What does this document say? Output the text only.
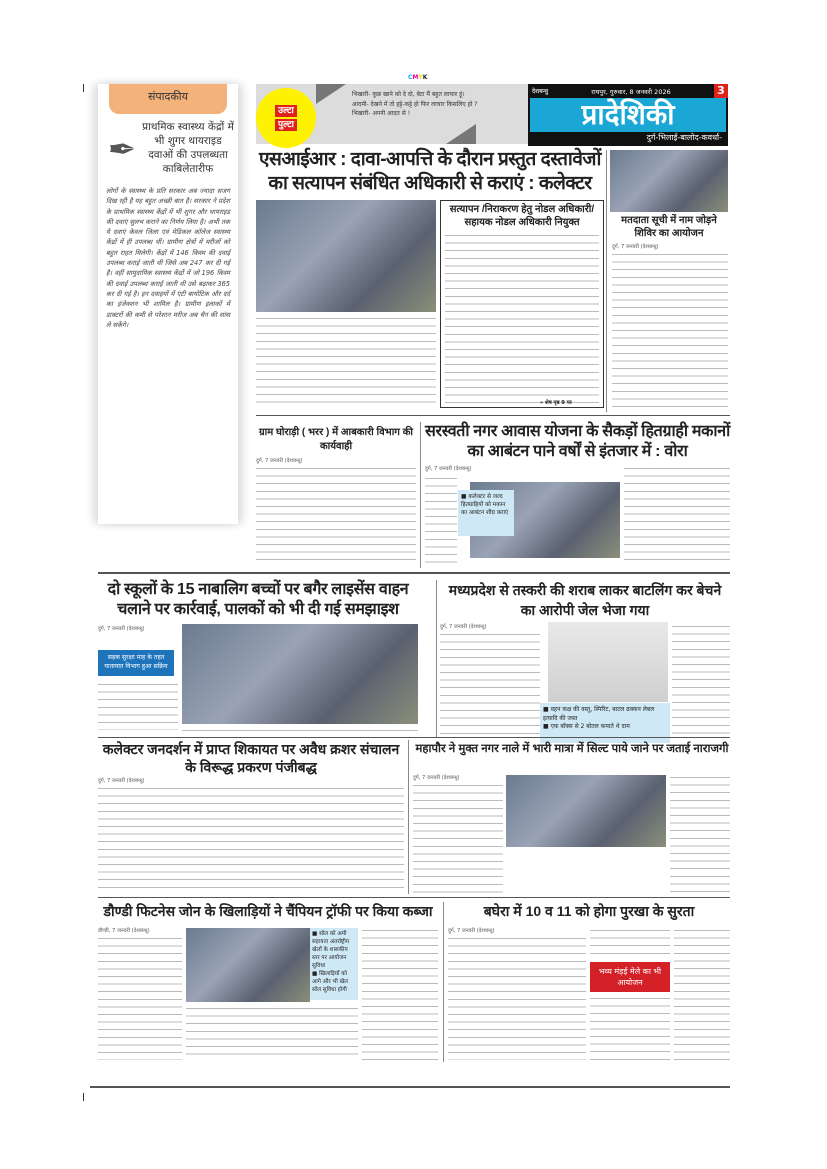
CMYK
संपादकीय
✒
प्राथमिक स्वास्थ्य केंद्रों में भी शुगर थायराइड दवाओं की उपलब्धता काबिलेतारीफ
लोगों के स्वास्थ्य के प्रति सरकार अब ज्यादा सजग दिख रही है यह बहुत अच्छी बात है। सरकार ने प्रदेश के प्राथमिक स्वास्थ्य केंद्रों में भी शुगर और थायराइड की दवाएं सुलभ कराने का निर्णय लिया है। अभी तक ये दवाएं केवल जिला एवं मेडिकल कॉलेज स्वास्थ्य केंद्रों में ही उपलब्ध थीं। ग्रामीण क्षेत्रों में मरीजों को बहुत राहत मिलेगी। केंद्रों में 146 किस्म की दवाई उपलब्ध कराई जाती थी जिसे अब 247 कर दी गई है। वहीं सामुदायिक स्वास्थ्य केंद्रों में जो 196 किस्म की दवाई उपलब्ध कराई जाती थी उसे बढ़ाकर 365 कर दी गई है। इन दवाइयों में एंटी बायोटिक और दर्द का इंजेक्शन भी शामिल है। ग्रामीण इलाकों में डाक्टरों की कमी से परेशान मरीज अब चैन की सांस ले सकेंगे।
उल्टा
पुल्टा
भिखारी- कुछ खाने को दे दो, बेटा मैं बहुत लाचार हूं।
आदमी- देखने में तो हट्टे-कट्टे हो फिर लाचार किसलिए हो ?
भिखारी- अपनी आदत से !
देशबन्धु	रायपुर, गुरुवार, 8 जनवरी 2026	3
प्रादेशिकी
दुर्ग-भिलाई-बालोद-कवर्धा-
एसआईआर : दावा-आपत्ति के दौरान प्रस्तुत दस्तावेजों का सत्यापन संबंधित अधिकारी से कराएं : कलेक्टर
सत्यापन /निराकरण हेतु नोडल अधिकारी/सहायक नोडल अधिकारी नियुक्त
» शेष पृष्ठ 9 पर
मतदाता सूची में नाम जोड़ने शिविर का आयोजन
दुर्ग, 7 जनवरी (देशबन्धु)
ग्राम घोराड़ी ( भरर ) में आबकारी विभाग की कार्यवाही
दुर्ग, 7 जनवरी (देशबन्धु)
सरस्वती नगर आवास योजना के सैकड़ों हितग्राही मकानों का आबंटन पाने वर्षों से इंतजार में : वोरा
दुर्ग, 7 जनवरी (देशबन्धु)
■ कलेक्टर से जल्द हितग्राहियों को मकान का आबंटन शीघ्र कराएं
दो स्कूलों के 15 नाबालिग बच्चों पर बगैर लाइसेंस वाहन चलाने पर कार्रवाई, पालकों को भी दी गई समझाइश
दुर्ग, 7 जनवरी (देशबन्धु)
सड़क सुरक्षा माह के तहत यातायात विभाग हुआ सक्रिय
मध्यप्रदेश से तस्करी की शराब लाकर बाटलिंग कर बेचने का आरोपी जेल भेजा गया
दुर्ग, 7 जनवरी (देशबन्धु)
■ वहन कक्ष की वस्तु, स्पिरिट, बाटल ढक्कन लेबल इत्यादि की जब्त
■ एक बॉक्स से 2 बोतल कमाते थे दाम
कलेक्टर जनदर्शन में प्राप्त शिकायत पर अवैध क्रशर संचालन के विरूद्ध प्रकरण पंजीबद्ध
दुर्ग, 7 जनवरी (देशबन्धु)
महापौर ने मुक्त नगर नाले में भारी मात्रा में सिल्ट पाये जाने पर जताई नाराजगी
दुर्ग, 7 जनवरी (देशबन्धु)
डौण्डी फिटनेस जोन के खिलाड़ियों ने चैंपियन ट्रॉफी पर किया कब्जा
डौण्डी, 7 जनवरी (देशबन्धु)	■ सोल को अमी सहायता अंतर्राष्ट्रीय खेलों के शासकीय स्तर पर आयोजन सुविधा
■ खिलाड़ियों को आगे और भी खेल सोल सुविधा होगी
बघेरा में 10 व 11 को होगा पुरखा के सुरता
दुर्ग, 7 जनवरी (देशबन्धु)
भव्य मंड़ई मेले का भी आयोजन
